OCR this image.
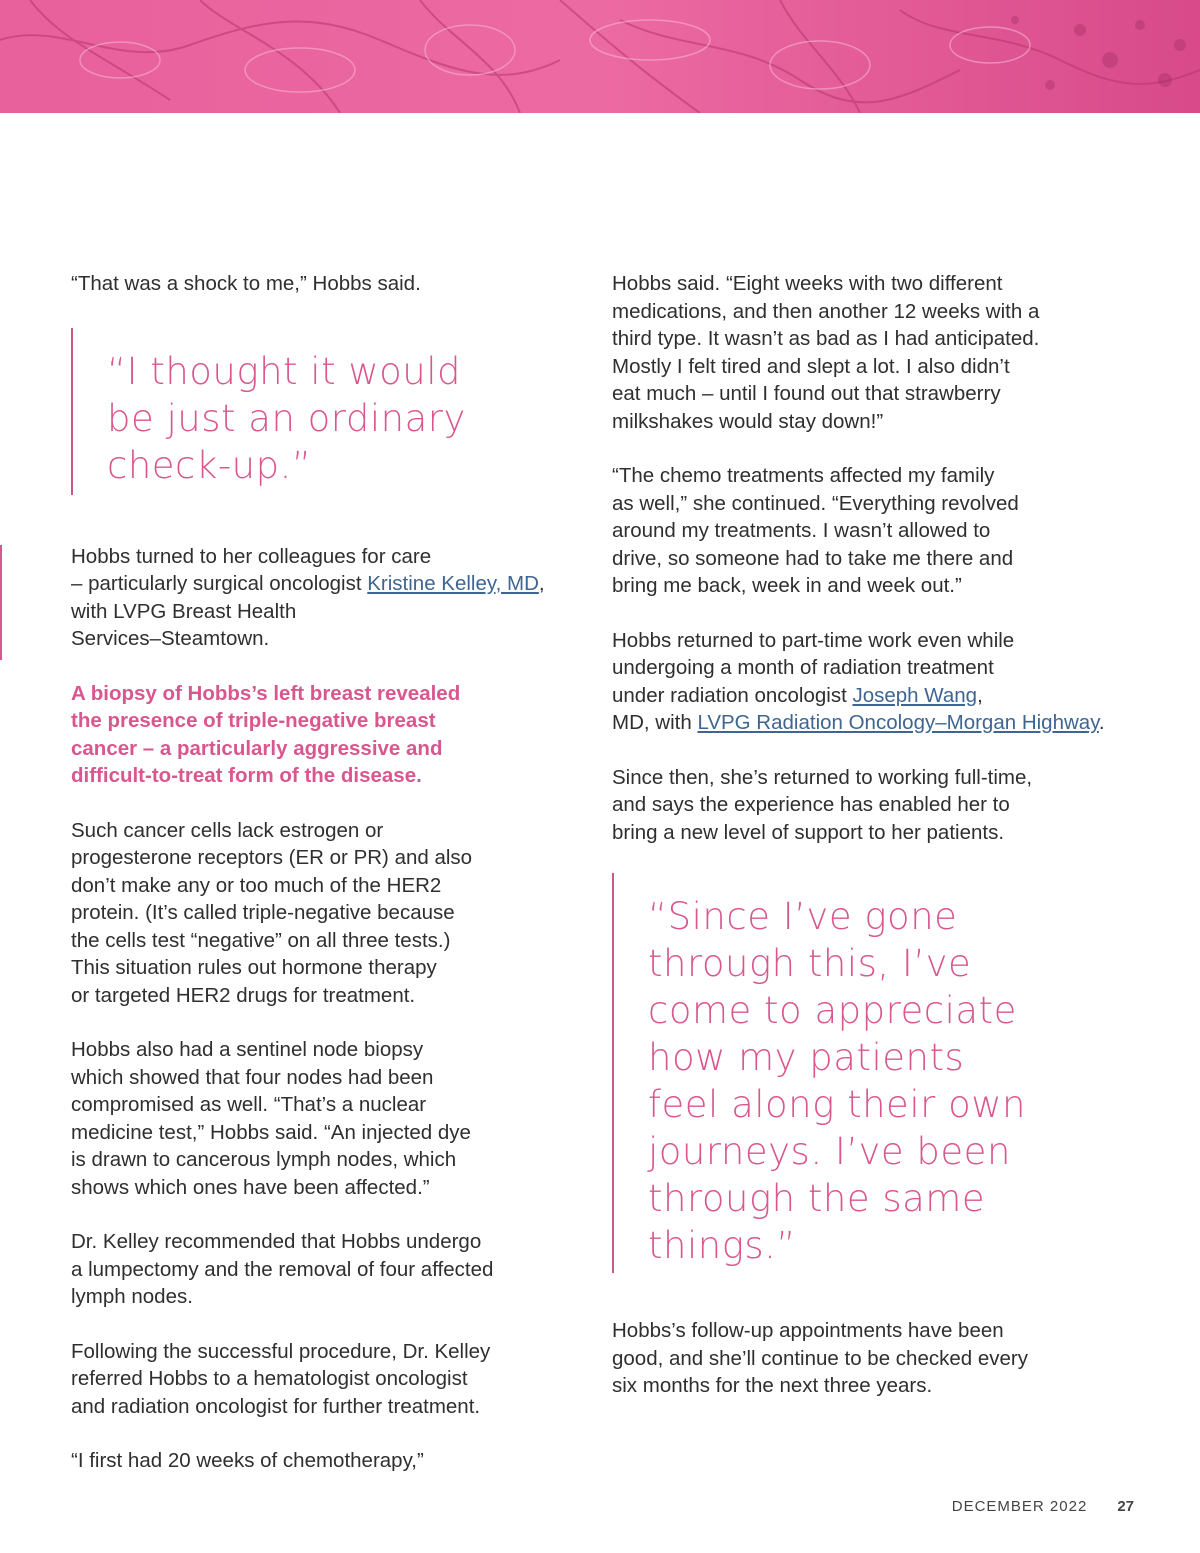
“That was a shock to me,” Hobbs said.

“I thought it would
be just an ordinary
check-up.”

Hobbs turned to her colleagues for care
– particularly surgical oncologist Kristine Kelley, MD, with LVPG Breast Health
Services–Steamtown.

A biopsy of Hobbs’s left breast revealed
the presence of triple-negative breast
cancer – a particularly aggressive and
difficult-to-treat form of the disease.

Such cancer cells lack estrogen or
progesterone receptors (ER or PR) and also
don’t make any or too much of the HER2
protein. (It’s called triple-negative because
the cells test “negative” on all three tests.)
This situation rules out hormone therapy
or targeted HER2 drugs for treatment.

Hobbs also had a sentinel node biopsy
which showed that four nodes had been
compromised as well. “That’s a nuclear
medicine test,” Hobbs said. “An injected dye
is drawn to cancerous lymph nodes, which
shows which ones have been affected.”

Dr. Kelley recommended that Hobbs undergo
a lumpectomy and the removal of four affected
lymph nodes.

Following the successful procedure, Dr. Kelley
referred Hobbs to a hematologist oncologist
and radiation oncologist for further treatment.

“I first had 20 weeks of chemotherapy,”

Hobbs said. “Eight weeks with two different
medications, and then another 12 weeks with a
third type. It wasn’t as bad as I had anticipated.
Mostly I felt tired and slept a lot. I also didn’t
eat much – until I found out that strawberry
milkshakes would stay down!”

“The chemo treatments affected my family
as well,” she continued. “Everything revolved
around my treatments. I wasn’t allowed to
drive, so someone had to take me there and
bring me back, week in and week out.”

Hobbs returned to part-time work even while
undergoing a month of radiation treatment
under radiation oncologist Joseph Wang,
MD, with LVPG Radiation Oncology–Morgan Highway.

Since then, she’s returned to working full-time,
and says the experience has enabled her to
bring a new level of support to her patients.

“Since I’ve gone
through this, I’ve
come to appreciate
how my patients
feel along their own
journeys. I’ve been
through the same
things.”

Hobbs’s follow-up appointments have been
good, and she’ll continue to be checked every
six months for the next three years.

DECEMBER 2022 27
